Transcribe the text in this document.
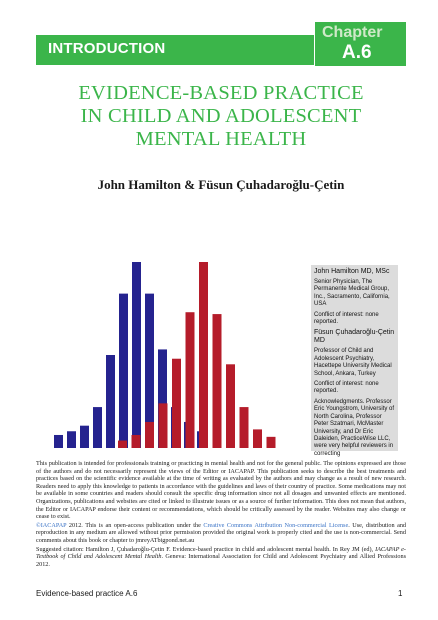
INTRODUCTION
Chapter
A.6
EVIDENCE-BASED PRACTICE
IN CHILD AND ADOLESCENT
MENTAL HEALTH
John Hamilton & Füsun Çuhadaroğlu-Çetin

John Hamilton MD, MSc

Senior Physician, The Permanente Medical Group, Inc., Sacramento, California, USA

Conflict of interest: none reported.

Füsun Çuhadaroğlu-Çetin MD

Professor of Child and Adolescent Psychiatry, Hacettepe University Medical School, Ankara, Turkey

Conflict of interest: none reported.

Acknowledgments. Professor Eric Youngstrom, University of North Carolina, Professor Peter Szatmari, McMaster University, and Dr Eric Daleiden, PracticeWise LLC, were very helpful reviewers in correcting

This publication is intended for professionals training or practicing in mental health and not for the general public. The opinions expressed are those of the authors and do not necessarily represent the views of the Editor or IACAPAP. This publication seeks to describe the best treatments and practices based on the scientific evidence available at the time of writing as evaluated by the authors and may change as a result of new research. Readers need to apply this knowledge to patients in accordance with the guidelines and laws of their country of practice. Some medications may not be available in some countries and readers should consult the specific drug information since not all dosages and unwanted effects are mentioned. Organizations, publications and websites are cited or linked to illustrate issues or as a source of further information. This does not mean that authors, the Editor or IACAPAP endorse their content or recommendations, which should be critically assessed by the reader. Websites may also change or cease to exist.

©IACAPAP 2012. This is an open-access publication under the Creative Commons Attribution Non-commercial License. Use, distribution and reproduction in any medium are allowed without prior permission provided the original work is properly cited and the use is non-commercial. Send comments about this book or chapter to jmreyATbigpond.net.au

Suggested citation: Hamilton J, Çuhadaroğlu-Çetin F. Evidence-based practice in child and adolescent mental health. In Rey JM (ed), IACAPAP e-Textbook of Child and Adolescent Mental Health. Geneva: International Association for Child and Adolescent Psychiatry and Allied Professions 2012.

Evidence-based practice A.6	1
